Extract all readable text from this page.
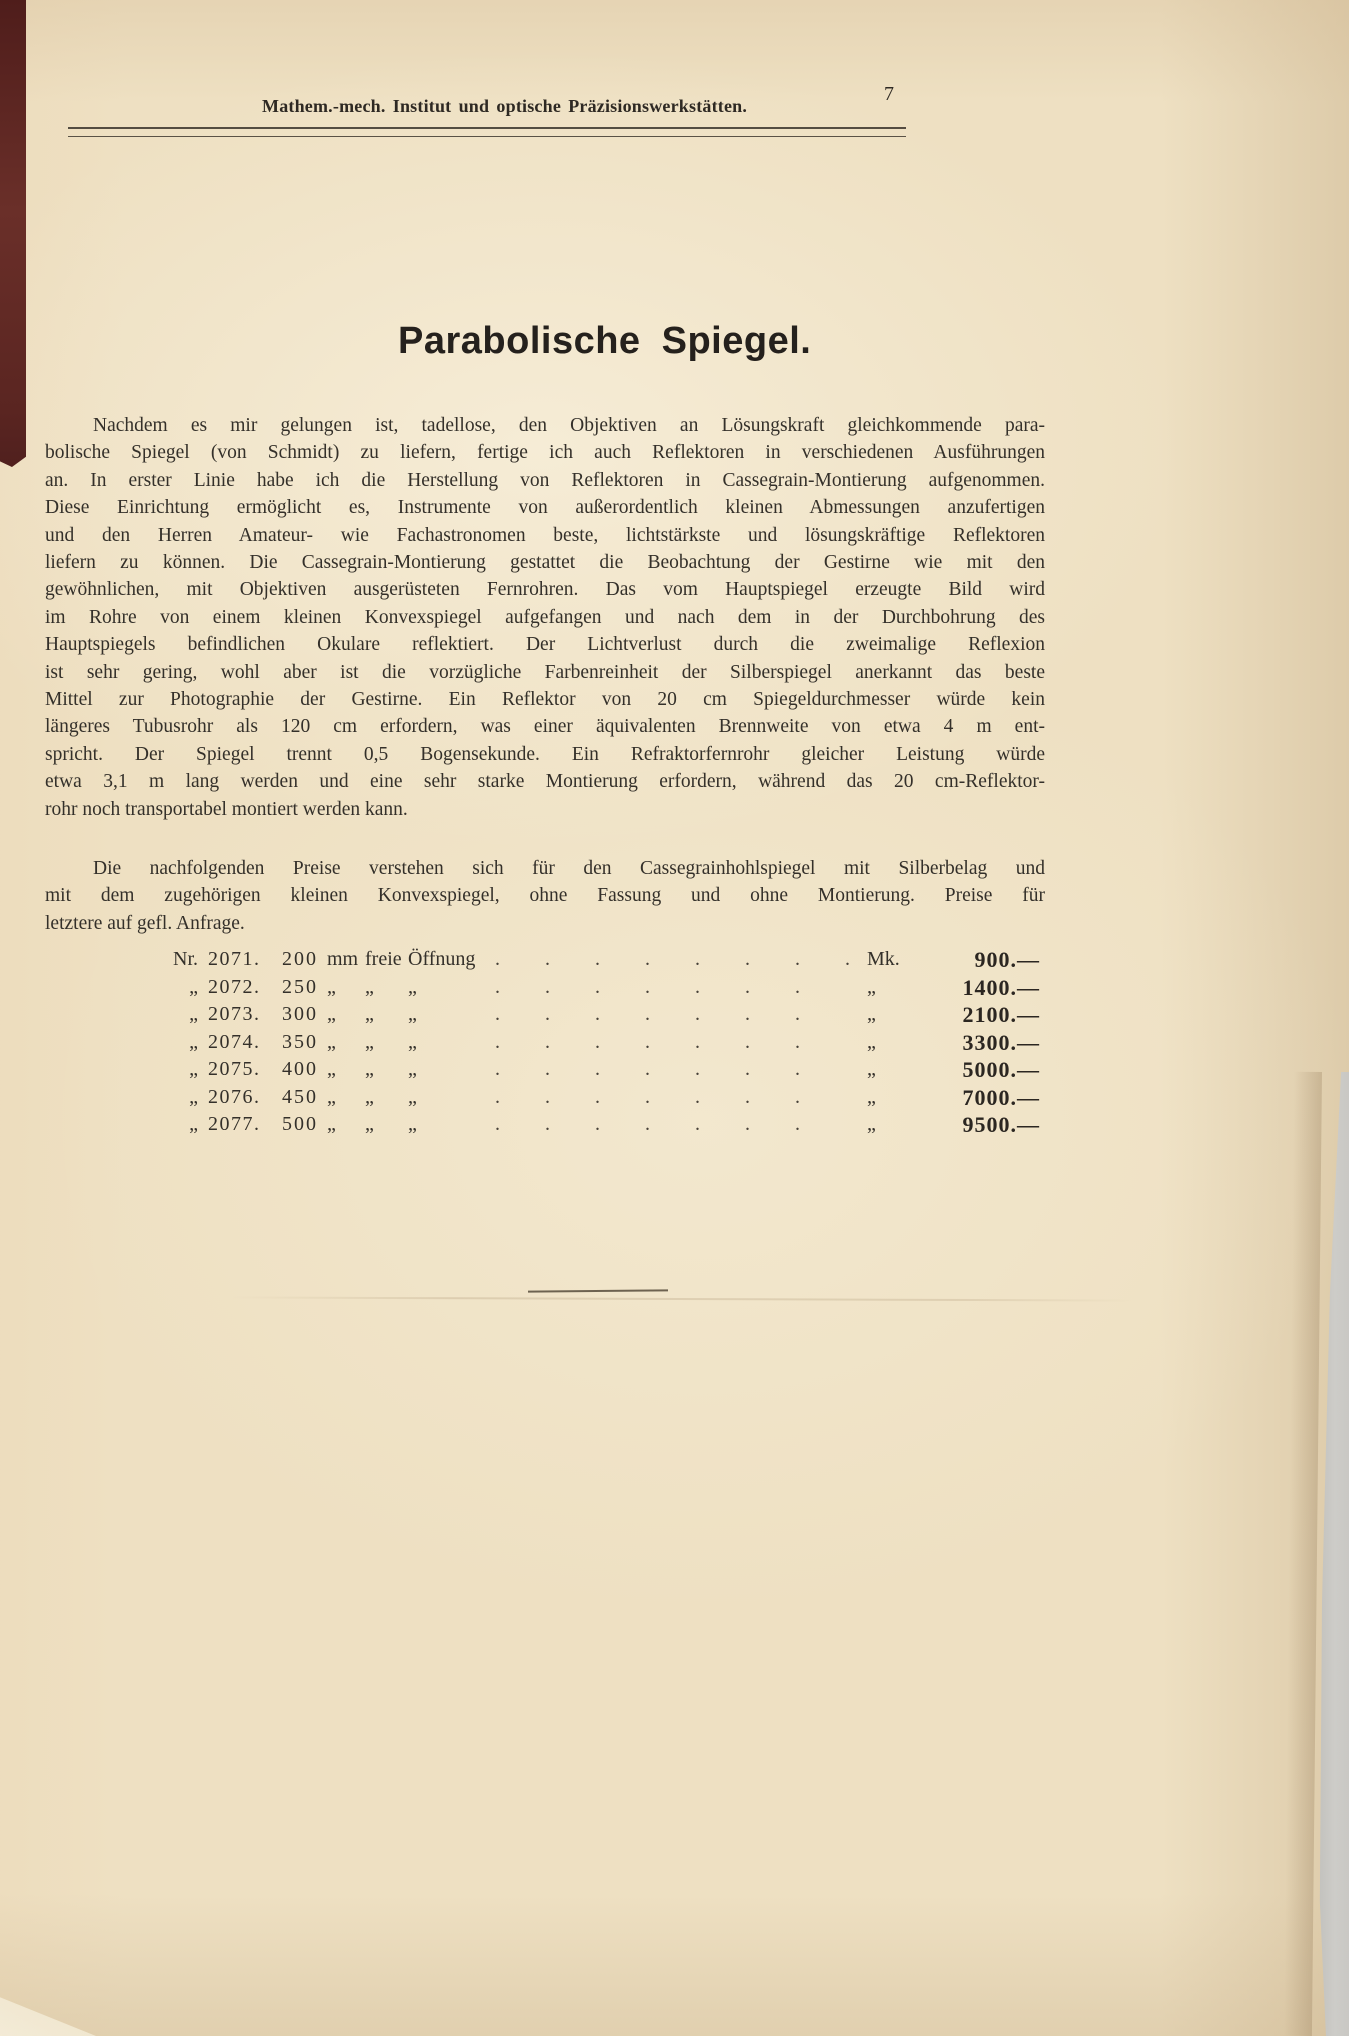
Mathem.-mech. Institut und optische Präzisionswerkstätten.
7
Parabolische Spiegel.
Nachdem es mir gelungen ist, tadellose, den Objektiven an Lösungskraft gleichkommende para-
bolische Spiegel (von Schmidt) zu liefern, fertige ich auch Reflektoren in verschiedenen Ausführungen
an. In erster Linie habe ich die Herstellung von Reflektoren in Cassegrain-Montierung aufgenommen.
Diese Einrichtung ermöglicht es, Instrumente von außerordentlich kleinen Abmessungen anzufertigen
und den Herren Amateur- wie Fachastronomen beste, lichtstärkste und lösungskräftige Reflektoren
liefern zu können. Die Cassegrain-Montierung gestattet die Beobachtung der Gestirne wie mit den
gewöhnlichen, mit Objektiven ausgerüsteten Fernrohren. Das vom Hauptspiegel erzeugte Bild wird
im Rohre von einem kleinen Konvexspiegel aufgefangen und nach dem in der Durchbohrung des
Hauptspiegels befindlichen Okulare reflektiert. Der Lichtverlust durch die zweimalige Reflexion
ist sehr gering, wohl aber ist die vorzügliche Farbenreinheit der Silberspiegel anerkannt das beste
Mittel zur Photographie der Gestirne. Ein Reflektor von 20 cm Spiegeldurchmesser würde kein
längeres Tubusrohr als 120 cm erfordern, was einer äquivalenten Brennweite von etwa 4 m ent-
spricht. Der Spiegel trennt 0,5 Bogensekunde. Ein Refraktorfernrohr gleicher Leistung würde
etwa 3,1 m lang werden und eine sehr starke Montierung erfordern, während das 20 cm-Reflektor-
rohr noch transportabel montiert werden kann.
Die nachfolgenden Preise verstehen sich für den Cassegrainhohlspiegel mit Silberbelag und
mit dem zugehörigen kleinen Konvexspiegel, ohne Fassung und ohne Montierung. Preise für
letztere auf gefl. Anfrage.
Nr. 2071.	200 mm freie Öffnung . . . . . . . . Mk.	900.—
„ 2072.	250 „	„	„	. . . . . . .	„	1400.—
„ 2073.	300 „	„	„	. . . . . . .	„	2100.—
„ 2074.	350 „	„	„	. . . . . . .	„	3300.—
„ 2075.	400 „	„	„	. . . . . . .	„	5000.—
„ 2076.	450 „	„	„	. . . . . . .	„	7000.—
„ 2077.	500 „	„	„	. . . . . . .	„	9500.—
